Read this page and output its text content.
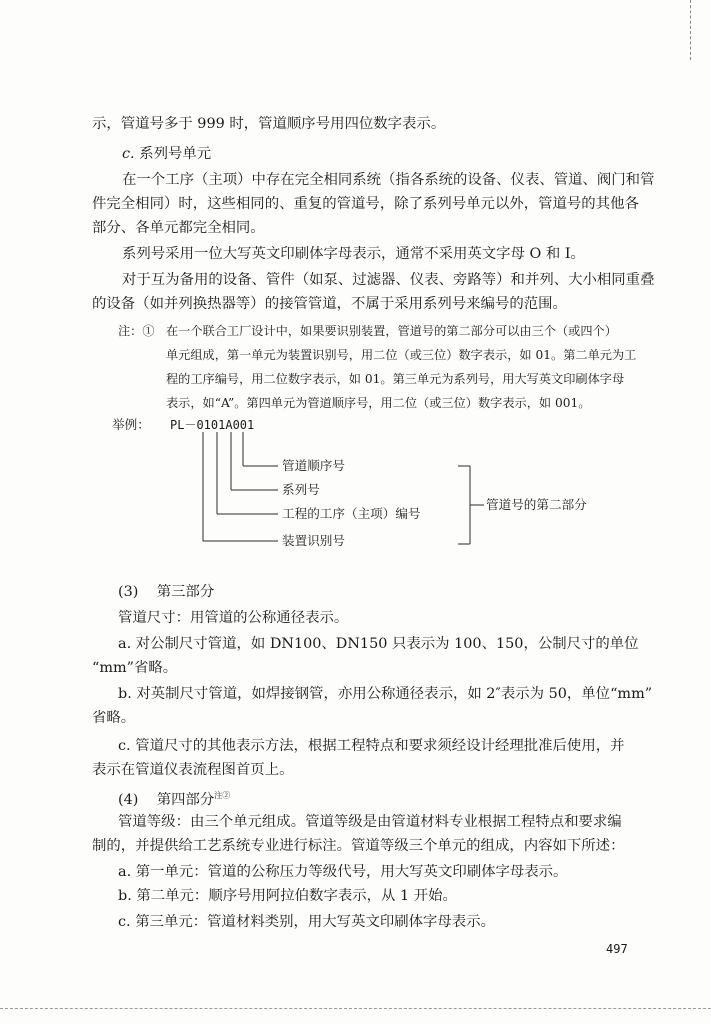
示，管道号多于 999 时，管道顺序号用四位数字表示。
c. 系列号单元
在一个工序（主项）中存在完全相同系统（指各系统的设备、仪表、管道、阀门和管
件完全相同）时，这些相同的、重复的管道号，除了系列号单元以外，管道号的其他各
部分、各单元都完全相同。
系列号采用一位大写英文印刷体字母表示，通常不采用英文字母 O 和 I。
对于互为备用的设备、管件（如泵、过滤器、仪表、旁路等）和并列、大小相同重叠
的设备（如并列换热器等）的接管管道，不属于采用系列号来编号的范围。
注：① 在一个联合工厂设计中，如果要识别装置，管道号的第二部分可以由三个（或四个）
单元组成，第一单元为装置识别号，用二位（或三位）数字表示，如 01。第二单元为工
程的工序编号，用二位数字表示，如 01。第三单元为系列号，用大写英文印刷体字母
表示，如“A”。第四单元为管道顺序号，用二位（或三位）数字表示，如 001。
举例： PL－0101A001
管道顺序号
系列号
工程的工序（主项）编号
装置识别号
管道号的第二部分
(3) 第三部分
管道尺寸：用管道的公称通径表示。
a. 对公制尺寸管道，如 DN100、DN150 只表示为 100、150，公制尺寸的单位
“mm”省略。
b. 对英制尺寸管道，如焊接钢管，亦用公称通径表示，如 2″表示为 50，单位“mm”
省略。
c. 管道尺寸的其他表示方法，根据工程特点和要求须经设计经理批准后使用，并
表示在管道仪表流程图首页上。
(4) 第四部分$^{注②}$
管道等级：由三个单元组成。管道等级是由管道材料专业根据工程特点和要求编
制的，并提供给工艺系统专业进行标注。管道等级三个单元的组成，内容如下所述：
a. 第一单元：管道的公称压力等级代号，用大写英文印刷体字母表示。
b. 第二单元：顺序号用阿拉伯数字表示，从 1 开始。
c. 第三单元：管道材料类别，用大写英文印刷体字母表示。
497
